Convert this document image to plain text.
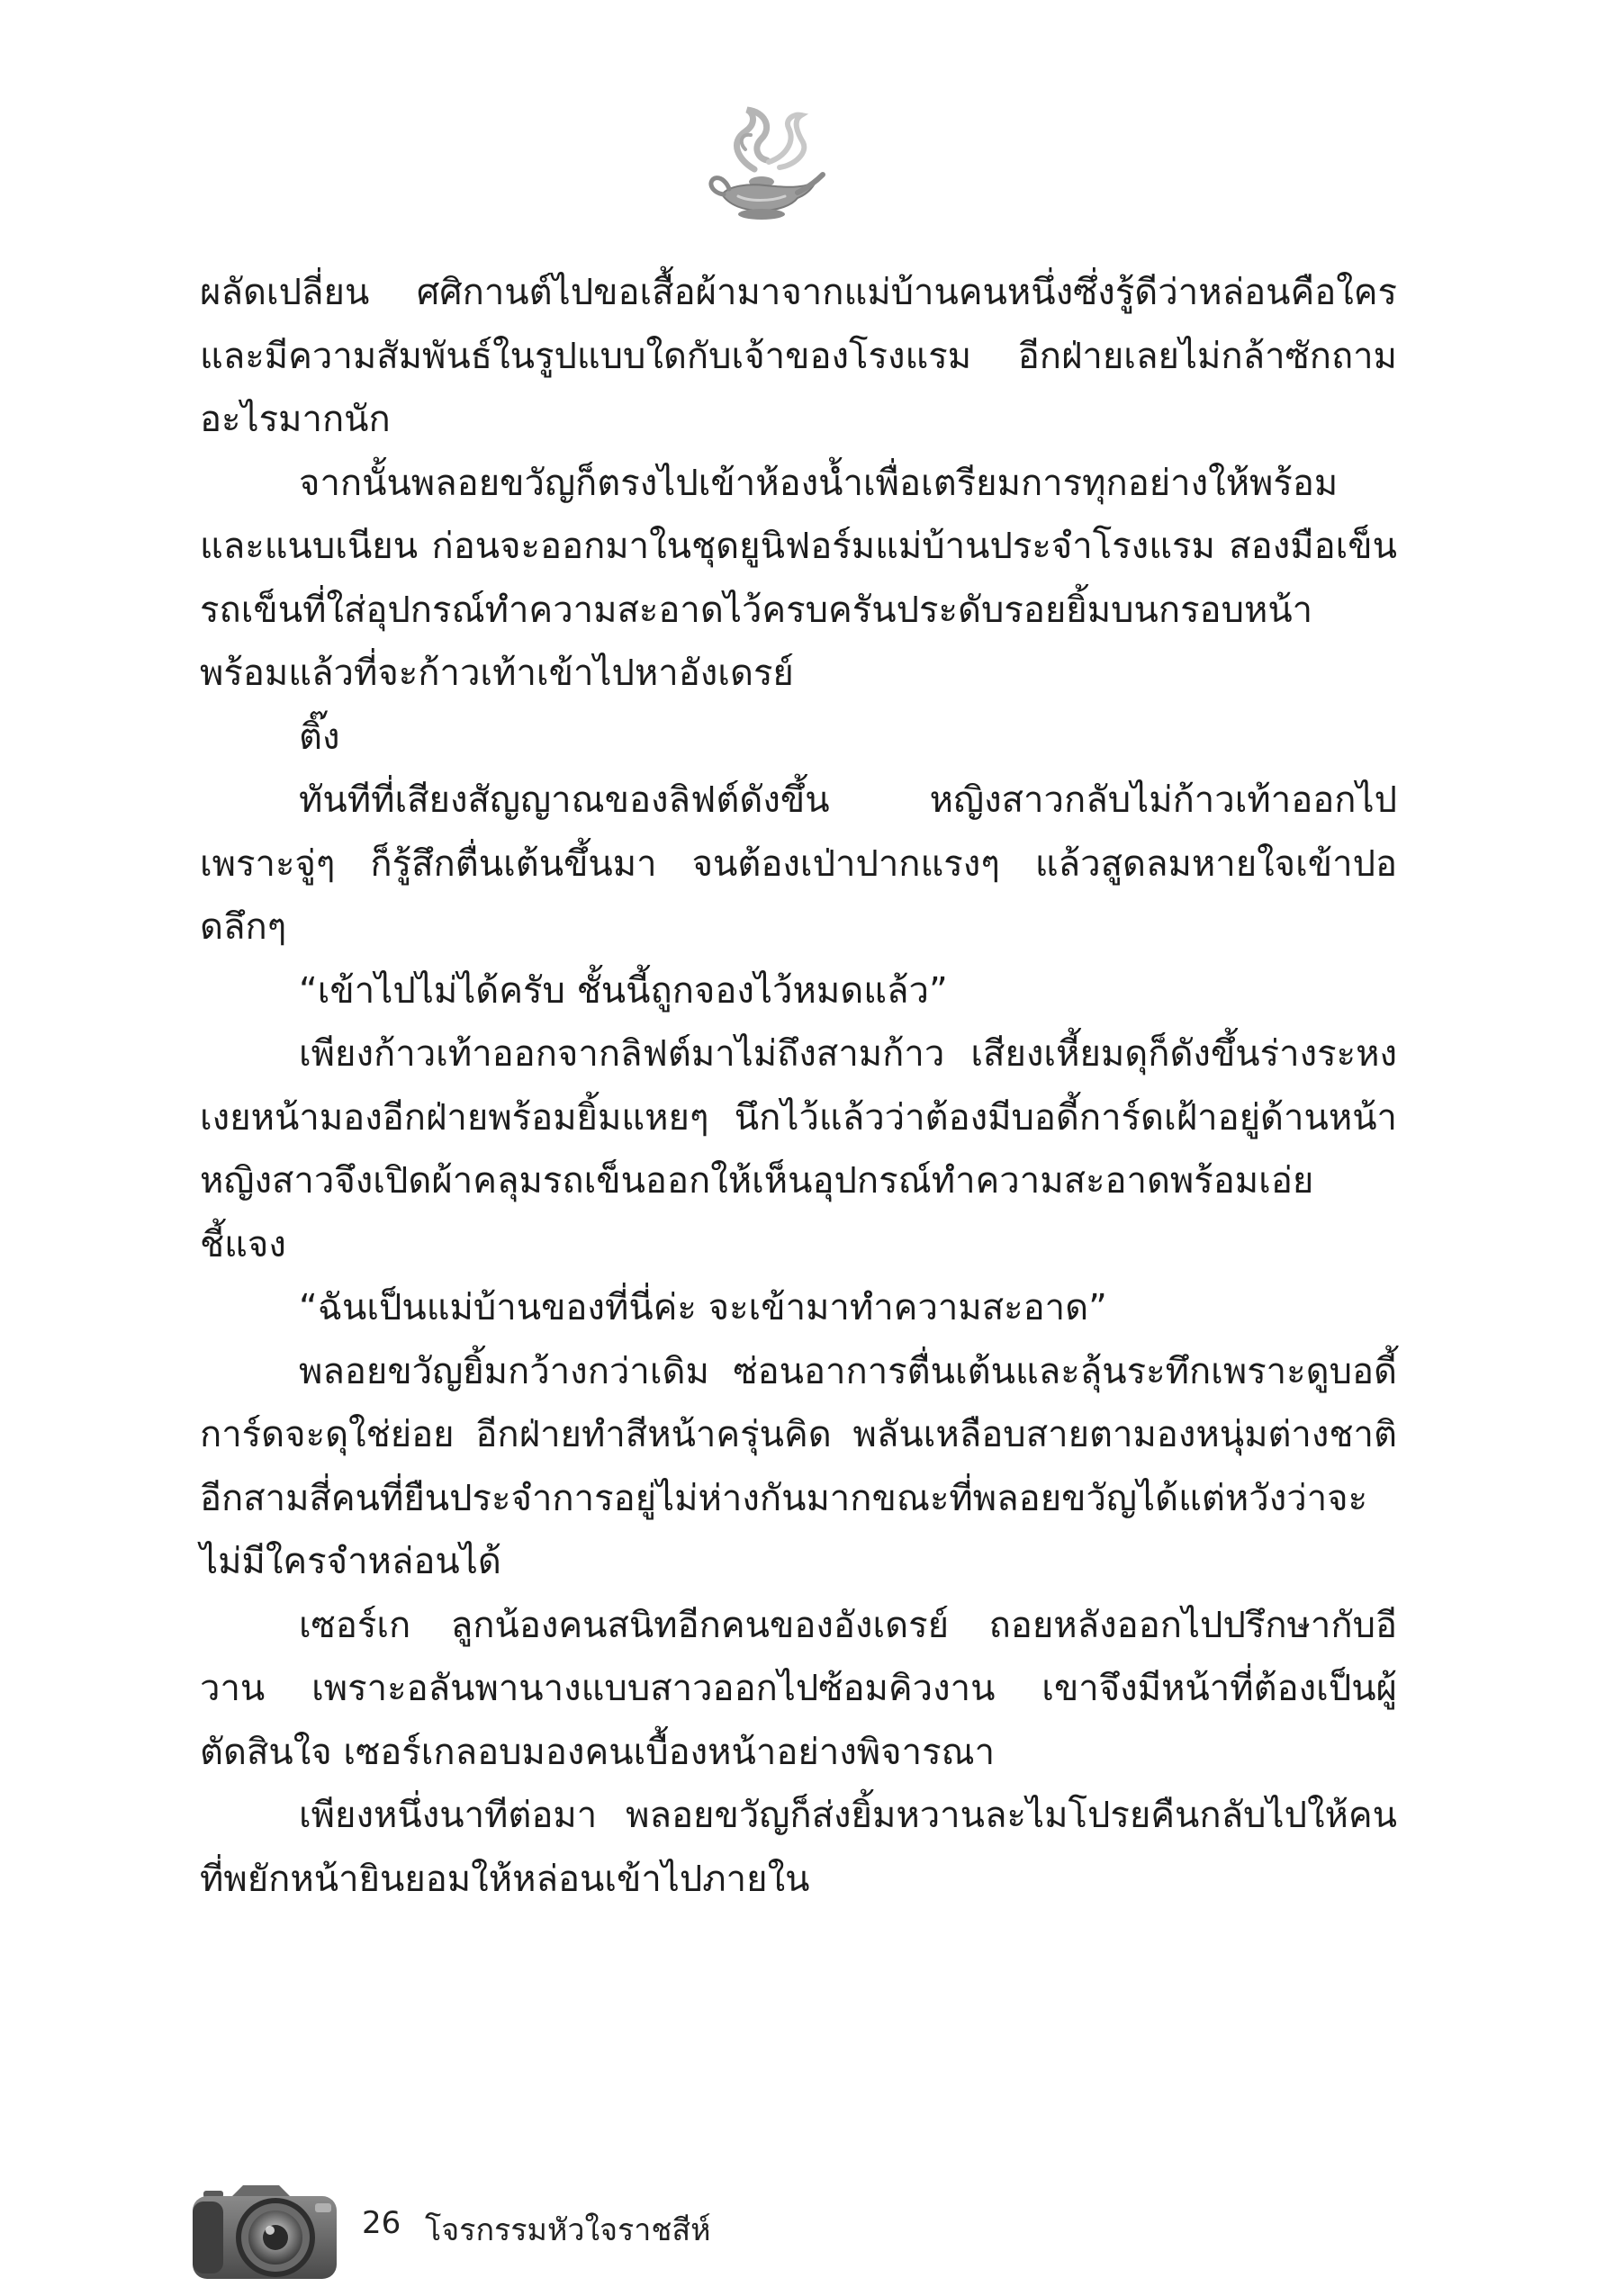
ผลัดเปลี่ยน ศศิกานต์ไปขอเสื้อผ้ามาจากแม่บ้านคนหนึ่งซึ่งรู้ดีว่าหล่อนคือใคร และมีความสัมพันธ์ในรูปแบบใดกับเจ้าของโรงแรม อีกฝ่ายเลยไม่กล้าซักถามอะไรมากนัก

จากนั้นพลอยขวัญก็ตรงไปเข้าห้องน้ำเพื่อเตรียมการทุกอย่างให้พร้อมและแนบเนียน ก่อนจะออกมาในชุดยูนิฟอร์มแม่บ้านประจำโรงแรม สองมือเข็นรถเข็นที่ใส่อุปกรณ์ทำความสะอาดไว้ครบครันประดับรอยยิ้มบนกรอบหน้า พร้อมแล้วที่จะก้าวเท้าเข้าไปหาอังเดรย์

ติ๊ง

ทันทีที่เสียงสัญญาณของลิฟต์ดังขึ้น หญิงสาวกลับไม่ก้าวเท้าออกไป เพราะจู่ๆ ก็รู้สึกตื่นเต้นขึ้นมา จนต้องเป่าปากแรงๆ แล้วสูดลมหายใจเข้าปอดลึกๆ

“เข้าไปไม่ได้ครับ ชั้นนี้ถูกจองไว้หมดแล้ว”

เพียงก้าวเท้าออกจากลิฟต์มาไม่ถึงสามก้าว เสียงเหี้ยมดุก็ดังขึ้นร่างระหงเงยหน้ามองอีกฝ่ายพร้อมยิ้มแหยๆ นึกไว้แล้วว่าต้องมีบอดี้การ์ดเฝ้าอยู่ด้านหน้า หญิงสาวจึงเปิดผ้าคลุมรถเข็นออกให้เห็นอุปกรณ์ทำความสะอาดพร้อมเอ่ยชี้แจง

“ฉันเป็นแม่บ้านของที่นี่ค่ะ จะเข้ามาทำความสะอาด”

พลอยขวัญยิ้มกว้างกว่าเดิม ซ่อนอาการตื่นเต้นและลุ้นระทึกเพราะดูบอดี้การ์ดจะดุใช่ย่อย อีกฝ่ายทำสีหน้าครุ่นคิด พลันเหลือบสายตามองหนุ่มต่างชาติอีกสามสี่คนที่ยืนประจำการอยู่ไม่ห่างกันมากขณะที่พลอยขวัญได้แต่หวังว่าจะไม่มีใครจำหล่อนได้

เซอร์เก ลูกน้องคนสนิทอีกคนของอังเดรย์ ถอยหลังออกไปปรึกษากับอีวาน เพราะอลันพานางแบบสาวออกไปซ้อมคิวงาน เขาจึงมีหน้าที่ต้องเป็นผู้ตัดสินใจ เซอร์เกลอบมองคนเบื้องหน้าอย่างพิจารณา

เพียงหนึ่งนาทีต่อมา พลอยขวัญก็ส่งยิ้มหวานละไมโปรยคืนกลับไปให้คนที่พยักหน้ายินยอมให้หล่อนเข้าไปภายใน

26 โจรกรรมหัวใจราชสีห์
